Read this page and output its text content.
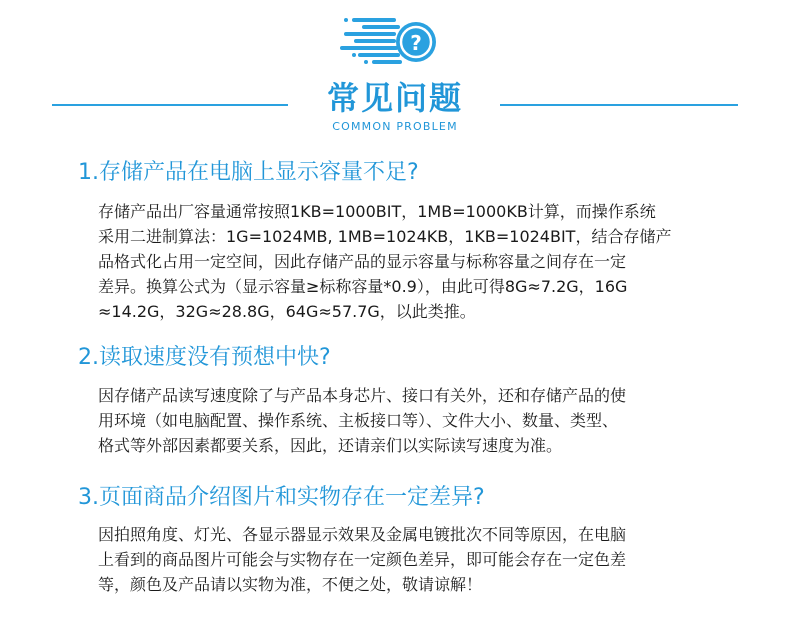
?
常见问题
COMMON PROBLEM
1.存储产品在电脑上显示容量不足?
存储产品出厂容量通常按照1KB=1000BIT，1MB=1000KB计算，而操作系统
采用二进制算法：1G=1024MB, 1MB=1024KB，1KB=1024BIT，结合存储产
品格式化占用一定空间，因此存储产品的显示容量与标称容量之间存在一定
差异。换算公式为（显示容量≥标称容量*0.9），由此可得8G≈7.2G，16G
≈14.2G，32G≈28.8G，64G≈57.7G，以此类推。
2.读取速度没有预想中快?
因存储产品读写速度除了与产品本身芯片、接口有关外，还和存储产品的使
用环境（如电脑配置、操作系统、主板接口等）、文件大小、数量、类型、
格式等外部因素都要关系，因此，还请亲们以实际读写速度为准。
3.页面商品介绍图片和实物存在一定差异?
因拍照角度、灯光、各显示器显示效果及金属电镀批次不同等原因，在电脑
上看到的商品图片可能会与实物存在一定颜色差异，即可能会存在一定色差
等，颜色及产品请以实物为准，不便之处，敬请谅解！
